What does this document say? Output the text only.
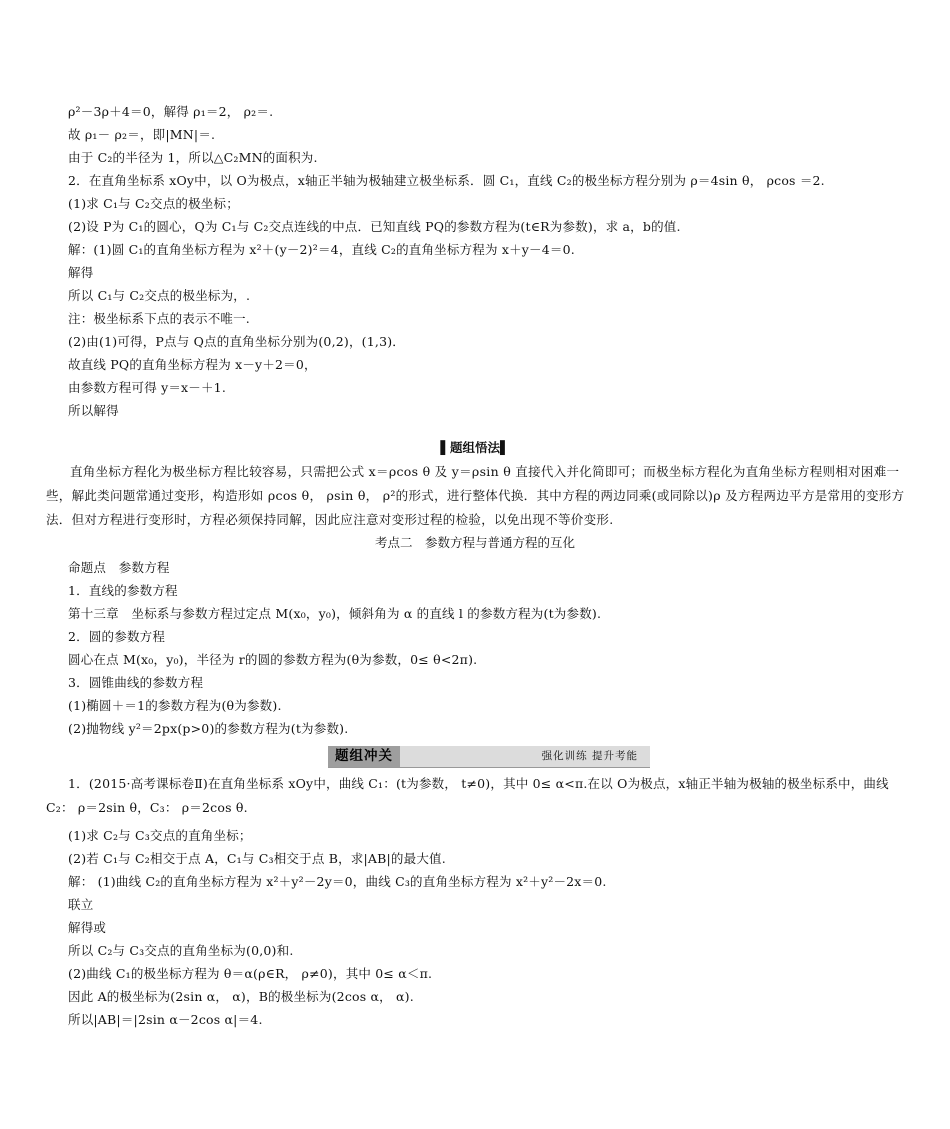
ρ²－3ρ＋4＝0，解得 ρ₁＝2， ρ₂＝.
故 ρ₁－ ρ₂＝，即|MN|＝.
由于 C₂的半径为 1，所以△C₂MN的面积为.
2．在直角坐标系 xOy中，以 O为极点，x轴正半轴为极轴建立极坐标系．圆 C₁，直线 C₂的极坐标方程分别为 ρ＝4sin θ， ρcos ＝2.
(1)求 C₁与 C₂交点的极坐标；
(2)设 P为 C₁的圆心，Q为 C₁与 C₂交点连线的中点．已知直线 PQ的参数方程为(t∈R为参数)，求 a，b的值.
解：(1)圆 C₁的直角坐标方程为 x²＋(y－2)²＝4，直线 C₂的直角坐标方程为 x＋y－4＝0.
解得
所以 C₁与 C₂交点的极坐标为，.
注：极坐标系下点的表示不唯一.
(2)由(1)可得，P点与 Q点的直角坐标分别为(0,2)，(1,3)．
故直线 PQ的直角坐标方程为 x－y＋2＝0，
由参数方程可得 y＝x－＋1.
所以解得
▌题组悟法▌
直角坐标方程化为极坐标方程比较容易，只需把公式 x＝ρcos θ 及 y＝ρsin θ 直接代入并化简即可；而极坐标方程化为直角坐标方程则相对困难一些，解此类问题常通过变形，构造形如 ρcos θ， ρsin θ， ρ²的形式，进行整体代换．其中方程的两边同乘(或同除以)ρ 及方程两边平方是常用的变形方法．但对方程进行变形时，方程必须保持同解，因此应注意对变形过程的检验，以免出现不等价变形.
考点二　参数方程与普通方程的互化
命题点　参数方程
1．直线的参数方程
第十三章　坐标系与参数方程过定点 M(x₀，y₀)，倾斜角为 α 的直线 l 的参数方程为(t为参数).
2．圆的参数方程
圆心在点 M(x₀，y₀)，半径为 r的圆的参数方程为(θ为参数，0≤ θ<2π).
3．圆锥曲线的参数方程
(1)椭圆＋＝1的参数方程为(θ为参数).
(2)抛物线 y²＝2px(p>0)的参数方程为(t为参数).
题组冲关	强化训练 提升考能
1．(2015·高考课标卷Ⅱ)在直角坐标系 xOy中，曲线 C₁：(t为参数， t≠0)，其中 0≤ α<π.在以 O为极点，x轴正半轴为极轴的极坐标系中，曲线 C₂： ρ＝2sin θ，C₃： ρ＝2cos θ.
(1)求 C₂与 C₃交点的直角坐标；
(2)若 C₁与 C₂相交于点 A，C₁与 C₃相交于点 B，求|AB|的最大值.
解： (1)曲线 C₂的直角坐标方程为 x²＋y²－2y＝0，曲线 C₃的直角坐标方程为 x²＋y²－2x＝0.
联立
解得或
所以 C₂与 C₃交点的直角坐标为(0,0)和.
(2)曲线 C₁的极坐标方程为 θ＝α(ρ∈R， ρ≠0)，其中 0≤ α＜π.
因此 A的极坐标为(2sin α， α)，B的极坐标为(2cos α， α).
所以|AB|＝|2sin α－2cos α|＝4.
